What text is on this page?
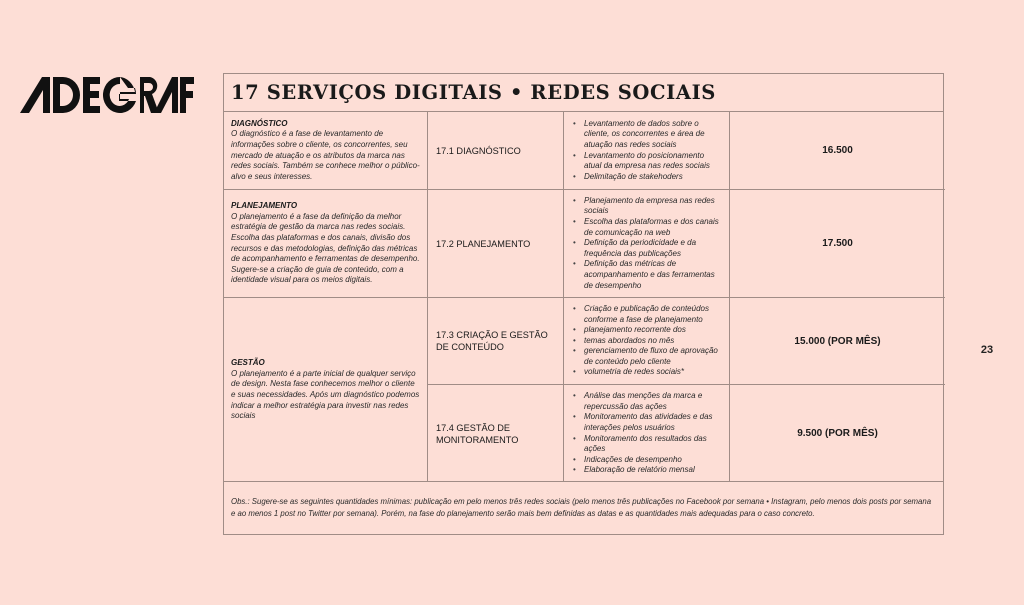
23
17 SERVIÇOS DIGITAIS • REDES SOCIAIS
DIAGNÓSTICO
O diagnóstico é a fase de levantamento de informações sobre o cliente, os concorrentes, seu mercado de atuação e os atributos da marca nas redes sociais. Também se conhece melhor o público-alvo e seus interesses.
17.1 DIAGNÓSTICO
• Levantamento de dados sobre o cliente, os concorrentes e área de atuação nas redes sociais
• Levantamento do posicionamento atual da empresa nas redes sociais
• Delimitação de stakehoders
16.500
PLANEJAMENTO
O planejamento é a fase da definição da melhor estratégia de gestão da marca nas redes sociais. Escolha das plataformas e dos canais, divisão dos recursos e das metodologias, definição das métricas de acompanhamento e ferramentas de desempenho. Sugere-se a criação de guia de conteúdo, com a identidade visual para os meios digitais.
17.2 PLANEJAMENTO
• Planejamento da empresa nas redes sociais
• Escolha das plataformas e dos canais de comunicação na web
• Definição da periodicidade e da frequência das publicações
• Definição das métricas de acompanhamento e das ferramentas de desempenho
17.500
GESTÃO
O planejamento é a parte inicial de qualquer serviço de design. Nesta fase conhecemos melhor o cliente e suas necessidades. Após um diagnóstico podemos indicar a melhor estratégia para investir nas redes sociais
17.3 CRIAÇÃO E GESTÃO DE CONTEÚDO
• Criação e publicação de conteúdos conforme a fase de planejamento
• planejamento recorrente dos
• temas abordados no mês
• gerenciamento de fluxo de aprovação de conteúdo pelo cliente
• volumetria de redes sociais*
15.000 (POR MÊS)
17.4 GESTÃO DE MONITORAMENTO
• Análise das menções da marca e repercussão das ações
• Monitoramento das atividades e das interações pelos usuários
• Monitoramento dos resultados das ações
• Indicações de desempenho
• Elaboração de relatório mensal
9.500 (POR MÊS)
Obs.: Sugere-se as seguintes quantidades mínimas: publicação em pelo menos três redes sociais (pelo menos três publicações no Facebook por semana • Instagram, pelo menos dois posts por semana e ao menos 1 post no Twitter por semana). Porém, na fase do planejamento serão mais bem definidas as datas e as quantidades mais adequadas para o caso concreto.
